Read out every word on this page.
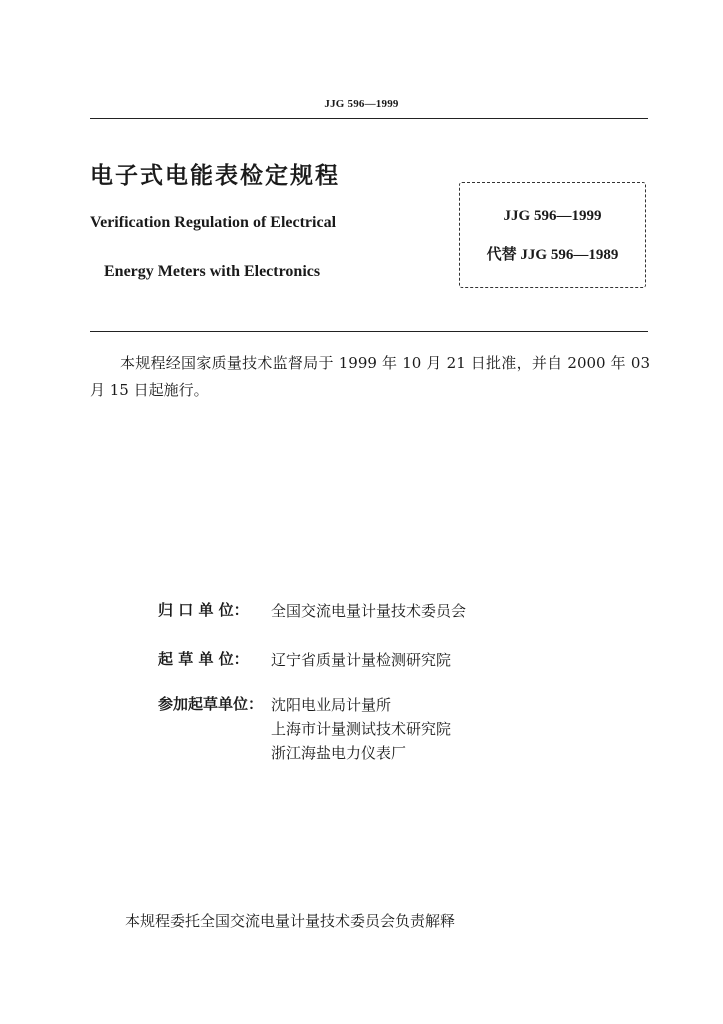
JJG 596—1999
电子式电能表检定规程
Verification Regulation of Electrical
Energy Meters with Electronics
JJG 596—1999
代替 JJG 596—1989
本规程经国家质量技术监督局于 1999 年 10 月 21 日批准，并自 2000 年 03 月 15 日起施行。
归 口 单 位：	全国交流电量计量技术委员会
起 草 单 位：	辽宁省质量计量检测研究院
参加起草单位： 沈阳电业局计量所
上海市计量测试技术研究院
浙江海盐电力仪表厂
本规程委托全国交流电量计量技术委员会负责解释
